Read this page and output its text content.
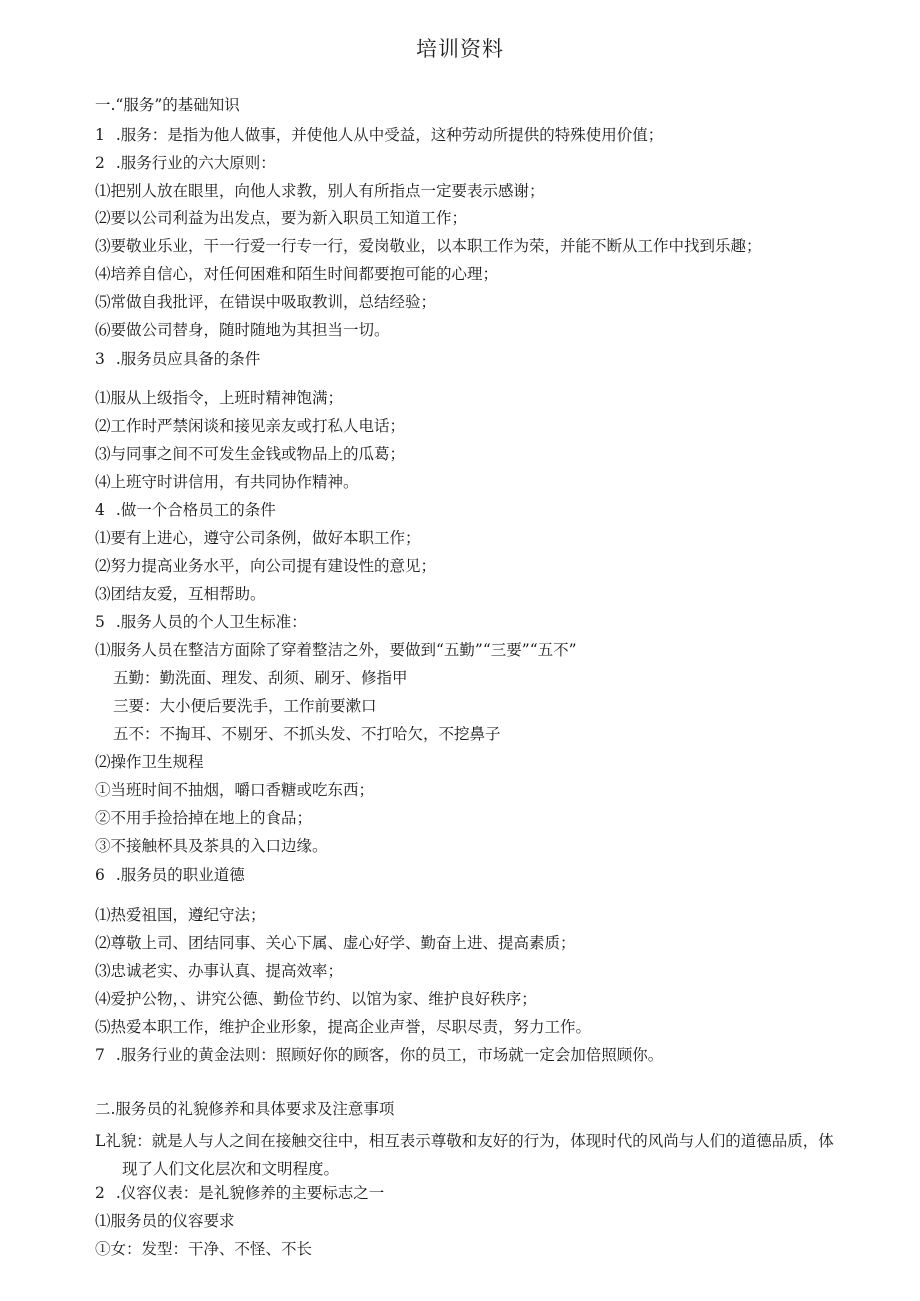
培训资料
一.“服务”的基础知识
1 .服务：是指为他人做事，并使他人从中受益，这种劳动所提供的特殊使用价值；
2 .服务行业的六大原则：
⑴把别人放在眼里，向他人求教，别人有所指点一定要表示感谢；
⑵要以公司利益为出发点，要为新入职员工知道工作；
⑶要敬业乐业，干一行爱一行专一行，爱岗敬业，以本职工作为荣，并能不断从工作中找到乐趣；
⑷培养自信心，对任何困难和陌生时间都要抱可能的心理；
⑸常做自我批评，在错误中吸取教训，总结经验；
⑹要做公司替身，随时随地为其担当一切。
3 .服务员应具备的条件
⑴服从上级指令，上班时精神饱满；
⑵工作时严禁闲谈和接见亲友或打私人电话；
⑶与同事之间不可发生金钱或物品上的瓜葛；
⑷上班守时讲信用，有共同协作精神。
4 .做一个合格员工的条件
⑴要有上进心，遵守公司条例，做好本职工作；
⑵努力提高业务水平，向公司提有建设性的意见；
⑶团结友爱，互相帮助。
5 .服务人员的个人卫生标准：
⑴服务人员在整洁方面除了穿着整洁之外，要做到“五勤”“三要”“五不”
五勤：勤洗面、理发、刮须、刷牙、修指甲
三要：大小便后要洗手，工作前要漱口
五不：不掏耳、不剔牙、不抓头发、不打哈欠，不挖鼻子
⑵操作卫生规程
①当班时间不抽烟，嚼口香糖或吃东西；
②不用手捡拾掉在地上的食品；
③不接触杯具及茶具的入口边缘。
6 .服务员的职业道德
⑴热爱祖国，遵纪守法；
⑵尊敬上司、团结同事、关心下属、虚心好学、勤奋上进、提高素质；
⑶忠诚老实、办事认真、提高效率；
⑷爱护公物，、讲究公德、勤俭节约、以馆为家、维护良好秩序；
⑸热爱本职工作，维护企业形象，提高企业声誉，尽职尽责，努力工作。
7 .服务行业的黄金法则：照顾好你的顾客，你的员工，市场就一定会加倍照顾你。
二.服务员的礼貌修养和具体要求及注意事项
L礼貌：就是人与人之间在接触交往中，相互表示尊敬和友好的行为，体现时代的风尚与人们的道德品质，体现了人们文化层次和文明程度。
2 .仪容仪表：是礼貌修养的主要标志之一
⑴服务员的仪容要求
①女：发型：干净、不怪、不长
